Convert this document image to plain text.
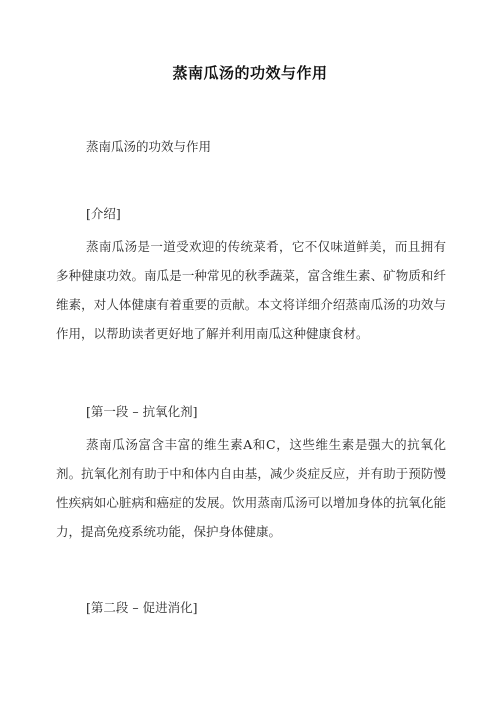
蒸南瓜汤的功效与作用
蒸南瓜汤的功效与作用
[介绍]

蒸南瓜汤是一道受欢迎的传统菜肴，它不仅味道鲜美，而且拥有多种健康功效。南瓜是一种常见的秋季蔬菜，富含维生素、矿物质和纤维素，对人体健康有着重要的贡献。本文将详细介绍蒸南瓜汤的功效与作用，以帮助读者更好地了解并利用南瓜这种健康食材。

[第一段 – 抗氧化剂]

蒸南瓜汤富含丰富的维生素A和C，这些维生素是强大的抗氧化剂。抗氧化剂有助于中和体内自由基，减少炎症反应，并有助于预防慢性疾病如心脏病和癌症的发展。饮用蒸南瓜汤可以增加身体的抗氧化能力，提高免疫系统功能，保护身体健康。

[第二段 – 促进消化]
